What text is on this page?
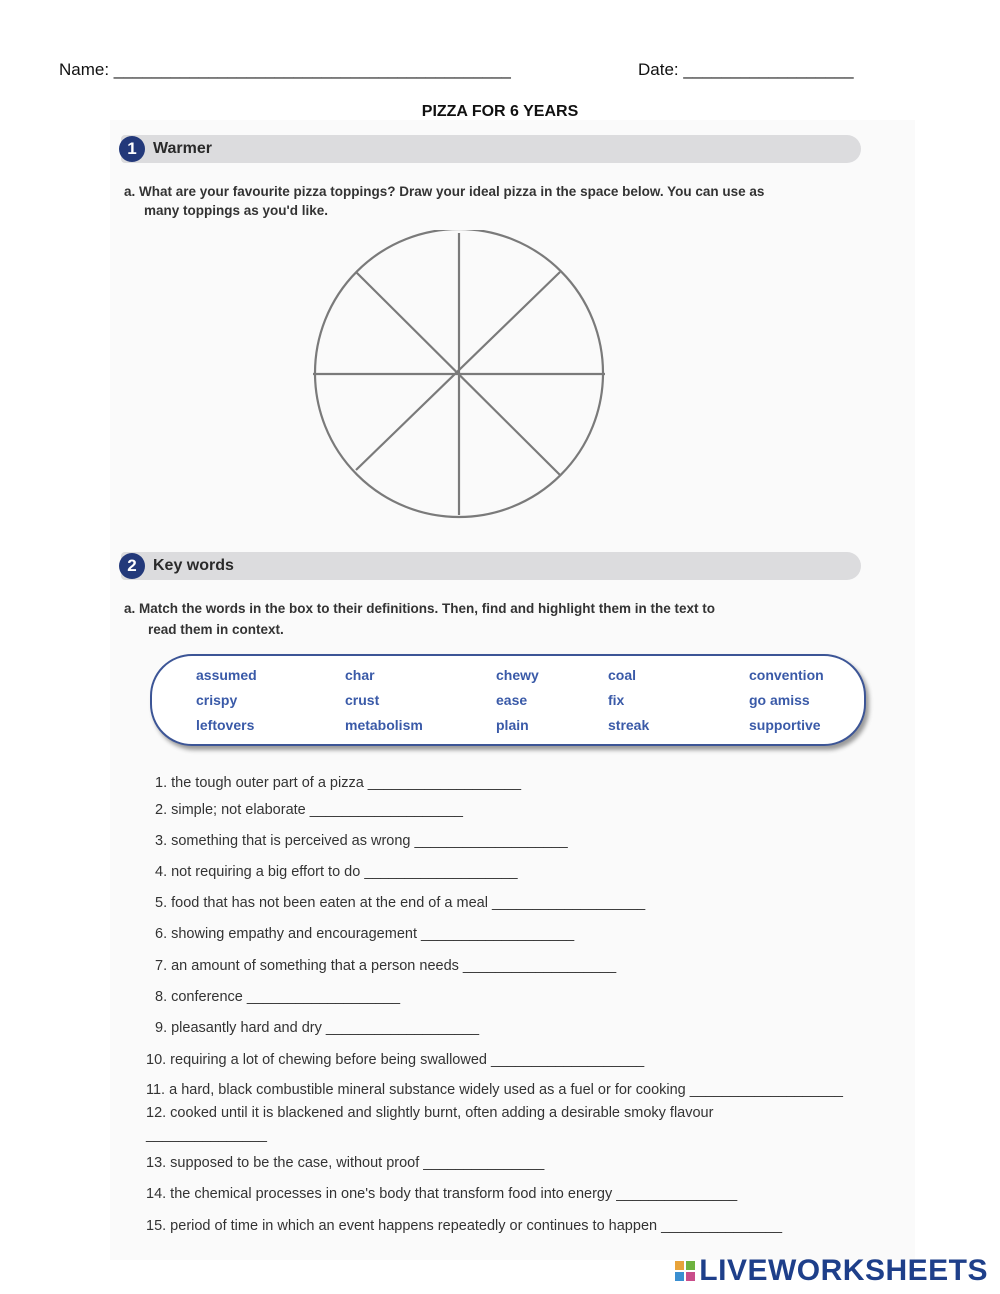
Name: __________________________________________	Date: __________________
PIZZA FOR 6 YEARS
1	Warmer
a. What are your favourite pizza toppings? Draw your ideal pizza in the space below. You can use as
many toppings as you'd like.
2	Key words
a. Match the words in the box to their definitions. Then, find and highlight them in the text to
read them in context.
assumed	char	chewy	coal	convention
crispy	crust	ease	fix	go amiss
leftovers	metabolism	plain	streak	supportive
1. the tough outer part of a pizza ___________________
2. simple; not elaborate ___________________
3. something that is perceived as wrong ___________________
4. not requiring a big effort to do ___________________
5. food that has not been eaten at the end of a meal ___________________
6. showing empathy and encouragement ___________________
7. an amount of something that a person needs ___________________
8. conference ___________________
9. pleasantly hard and dry ___________________
10. requiring a lot of chewing before being swallowed ___________________
11. a hard, black combustible mineral substance widely used as a fuel or for cooking ___________________
12. cooked until it is blackened and slightly burnt, often adding a desirable smoky flavour
_______________
13. supposed to be the case, without proof _______________
14. the chemical processes in one's body that transform food into energy _______________
15. period of time in which an event happens repeatedly or continues to happen _______________
LIVEWORKSHEETS
